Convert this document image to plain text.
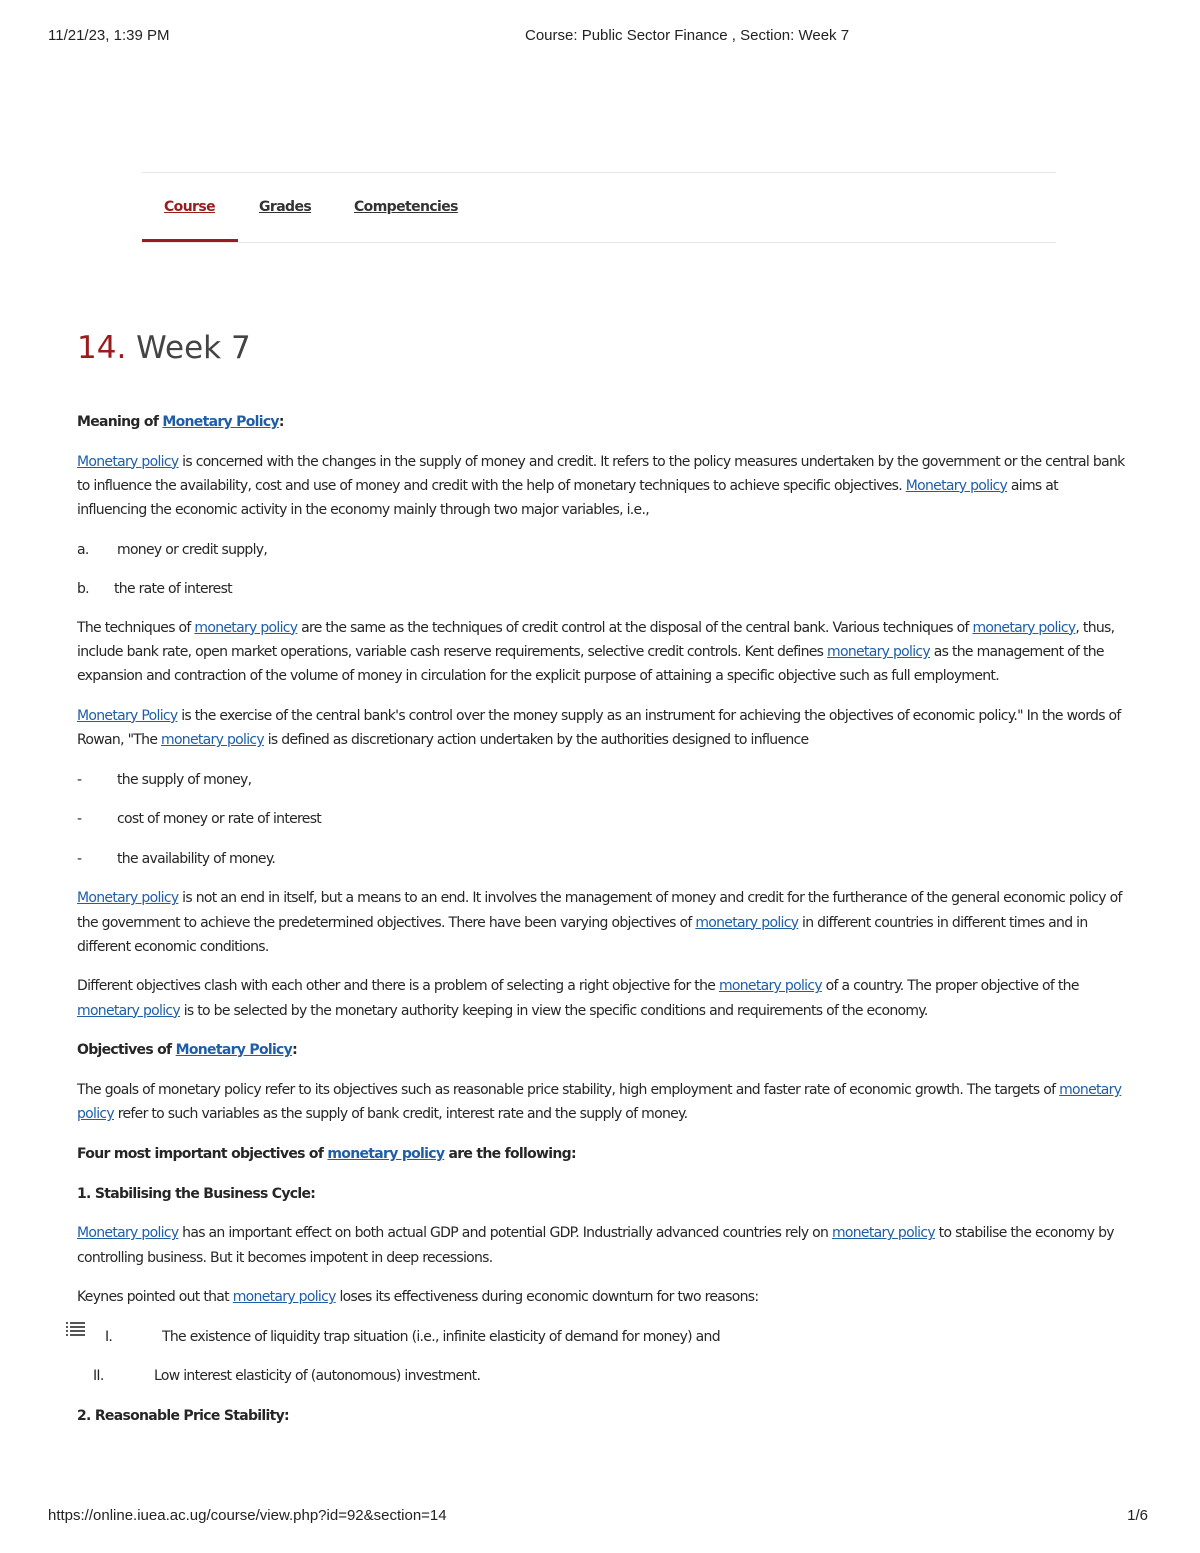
11/21/23, 1:39 PM	Course: Public Sector Finance , Section: Week 7
Course	Grades	Competencies
14. Week 7

Meaning of Monetary Policy:

Monetary policy is concerned with the changes in the supply of money and credit. It refers to the policy measures undertaken by the government or the central bank to influence the availability, cost and use of money and credit with the help of monetary techniques to achieve specific objectives. Monetary policy aims at influencing the economic activity in the economy mainly through two major variables, i.e.,

a. money or credit supply,
b. the rate of interest

The techniques of monetary policy are the same as the techniques of credit control at the disposal of the central bank. Various techniques of monetary policy, thus, include bank rate, open market operations, variable cash reserve requirements, selective credit controls. Kent defines monetary policy as the management of the expansion and contraction of the volume of money in circulation for the explicit purpose of attaining a specific objective such as full employment.

Monetary Policy is the exercise of the central bank's control over the money supply as an instrument for achieving the objectives of economic policy." In the words of Rowan, "The monetary policy is defined as discretionary action undertaken by the authorities designed to influence

-	the supply of money,
-	cost of money or rate of interest
-	the availability of money.

Monetary policy is not an end in itself, but a means to an end. It involves the management of money and credit for the furtherance of the general economic policy of the government to achieve the predetermined objectives. There have been varying objectives of monetary policy in different countries in different times and in different economic conditions.

Different objectives clash with each other and there is a problem of selecting a right objective for the monetary policy of a country. The proper objective of the monetary policy is to be selected by the monetary authority keeping in view the specific conditions and requirements of the economy.

Objectives of Monetary Policy:

The goals of monetary policy refer to its objectives such as reasonable price stability, high employment and faster rate of economic growth. The targets of monetary policy refer to such variables as the supply of bank credit, interest rate and the supply of money.

Four most important objectives of monetary policy are the following:

1. Stabilising the Business Cycle:

Monetary policy has an important effect on both actual GDP and potential GDP. Industrially advanced countries rely on monetary policy to stabilise the economy by controlling business. But it becomes impotent in deep recessions.

Keynes pointed out that monetary policy loses its effectiveness during economic downturn for two reasons:

I.	The existence of liquidity trap situation (i.e., infinite elasticity of demand for money) and
II.	Low interest elasticity of (autonomous) investment.

2. Reasonable Price Stability:

https://online.iuea.ac.ug/course/view.php?id=92&section=14	1/6
